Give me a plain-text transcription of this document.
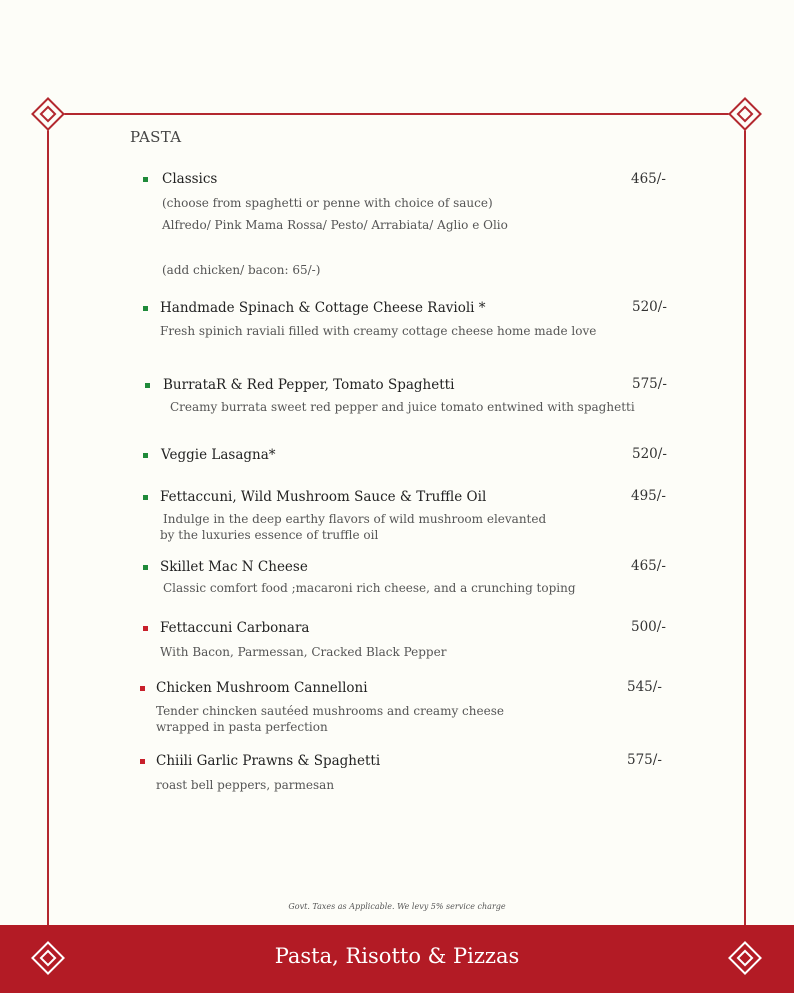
PASTA
Classics	465/-
(choose from spaghetti or penne with choice of sauce)
Alfredo/ Pink Mama Rossa/ Pesto/ Arrabiata/ Aglio e Olio
(add chicken/ bacon: 65/-)
Handmade Spinach & Cottage Cheese Ravioli *	520/-
Fresh spinich raviali filled with creamy cottage cheese home made love
BurrataR & Red Pepper, Tomato Spaghetti	575/-
Creamy burrata sweet red pepper and juice tomato entwined with spaghetti
Veggie Lasagna*	520/-
Fettaccuni, Wild Mushroom Sauce & Truffle Oil	495/-
Indulge in the deep earthy flavors of wild mushroom elevanted
by the luxuries essence of truffle oil
Skillet Mac N Cheese	465/-
Classic comfort food ;macaroni rich cheese, and a crunching toping
Fettaccuni Carbonara	500/-
With Bacon, Parmessan, Cracked Black Pepper
Chicken Mushroom Cannelloni	545/-
Tender chincken sautéed mushrooms and creamy cheese
wrapped in pasta perfection
Chiili Garlic Prawns & Spaghetti	575/-
roast bell peppers, parmesan
Govt. Taxes as Applicable. We levy 5% service charge
Pasta, Risotto & Pizzas
